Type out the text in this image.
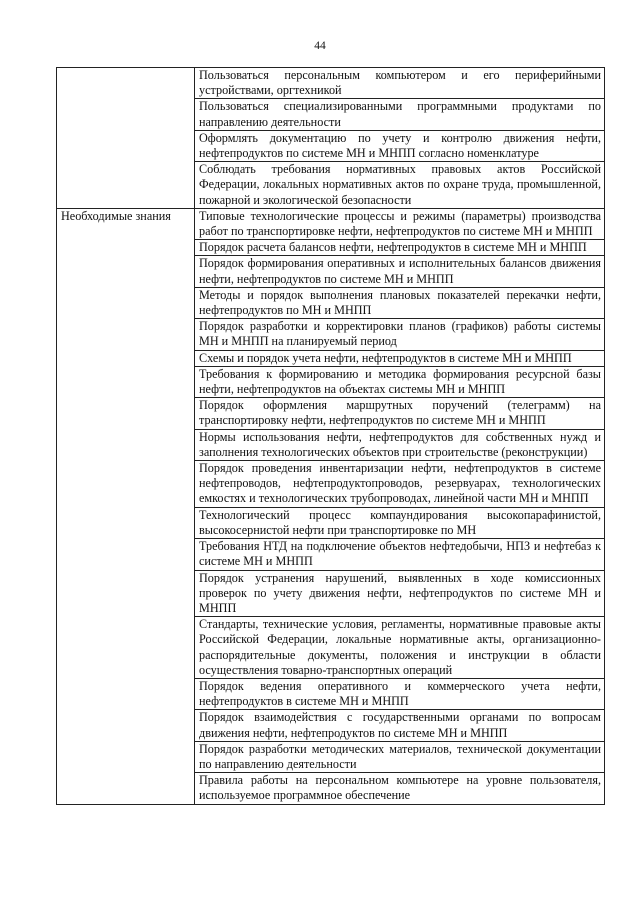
44
	Пользоваться персональным компьютером и его периферийными устройствами, оргтехникой
	Пользоваться специализированными программными продуктами по направлению деятельности
	Оформлять документацию по учету и контролю движения нефти, нефтепродуктов по системе МН и МНПП согласно номенклатуре
	Соблюдать требования нормативных правовых актов Российской Федерации, локальных нормативных актов по охране труда, промышленной, пожарной и экологической безопасности
Необходимые знания	Типовые технологические процессы и режимы (параметры) производства работ по транспортировке нефти, нефтепродуктов по системе МН и МНПП
	Порядок расчета балансов нефти, нефтепродуктов в системе МН и МНПП
	Порядок формирования оперативных и исполнительных балансов движения нефти, нефтепродуктов по системе МН и МНПП
	Методы и порядок выполнения плановых показателей перекачки нефти, нефтепродуктов по МН и МНПП
	Порядок разработки и корректировки планов (графиков) работы системы МН и МНПП на планируемый период
	Схемы и порядок учета нефти, нефтепродуктов в системе МН и МНПП
	Требования к формированию и методика формирования ресурсной базы нефти, нефтепродуктов на объектах системы МН и МНПП
	Порядок оформления маршрутных поручений (телеграмм) на транспортировку нефти, нефтепродуктов по системе МН и МНПП
	Нормы использования нефти, нефтепродуктов для собственных нужд и заполнения технологических объектов при строительстве (реконструкции)
	Порядок проведения инвентаризации нефти, нефтепродуктов в системе нефтепроводов, нефтепродуктопроводов, резервуарах, технологических емкостях и технологических трубопроводах, линейной части МН и МНПП
	Технологический процесс компаундирования высокопарафинистой, высокосернистой нефти при транспортировке по МН
	Требования НТД на подключение объектов нефтедобычи, НПЗ и нефтебаз к системе МН и МНПП
	Порядок устранения нарушений, выявленных в ходе комиссионных проверок по учету движения нефти, нефтепродуктов по системе МН и МНПП
	Стандарты, технические условия, регламенты, нормативные правовые акты Российской Федерации, локальные нормативные акты, организационно-распорядительные документы, положения и инструкции в области осуществления товарно-транспортных операций
	Порядок ведения оперативного и коммерческого учета нефти, нефтепродуктов в системе МН и МНПП
	Порядок взаимодействия с государственными органами по вопросам движения нефти, нефтепродуктов по системе МН и МНПП
	Порядок разработки методических материалов, технической документации по направлению деятельности
	Правила работы на персональном компьютере на уровне пользователя, используемое программное обеспечение
